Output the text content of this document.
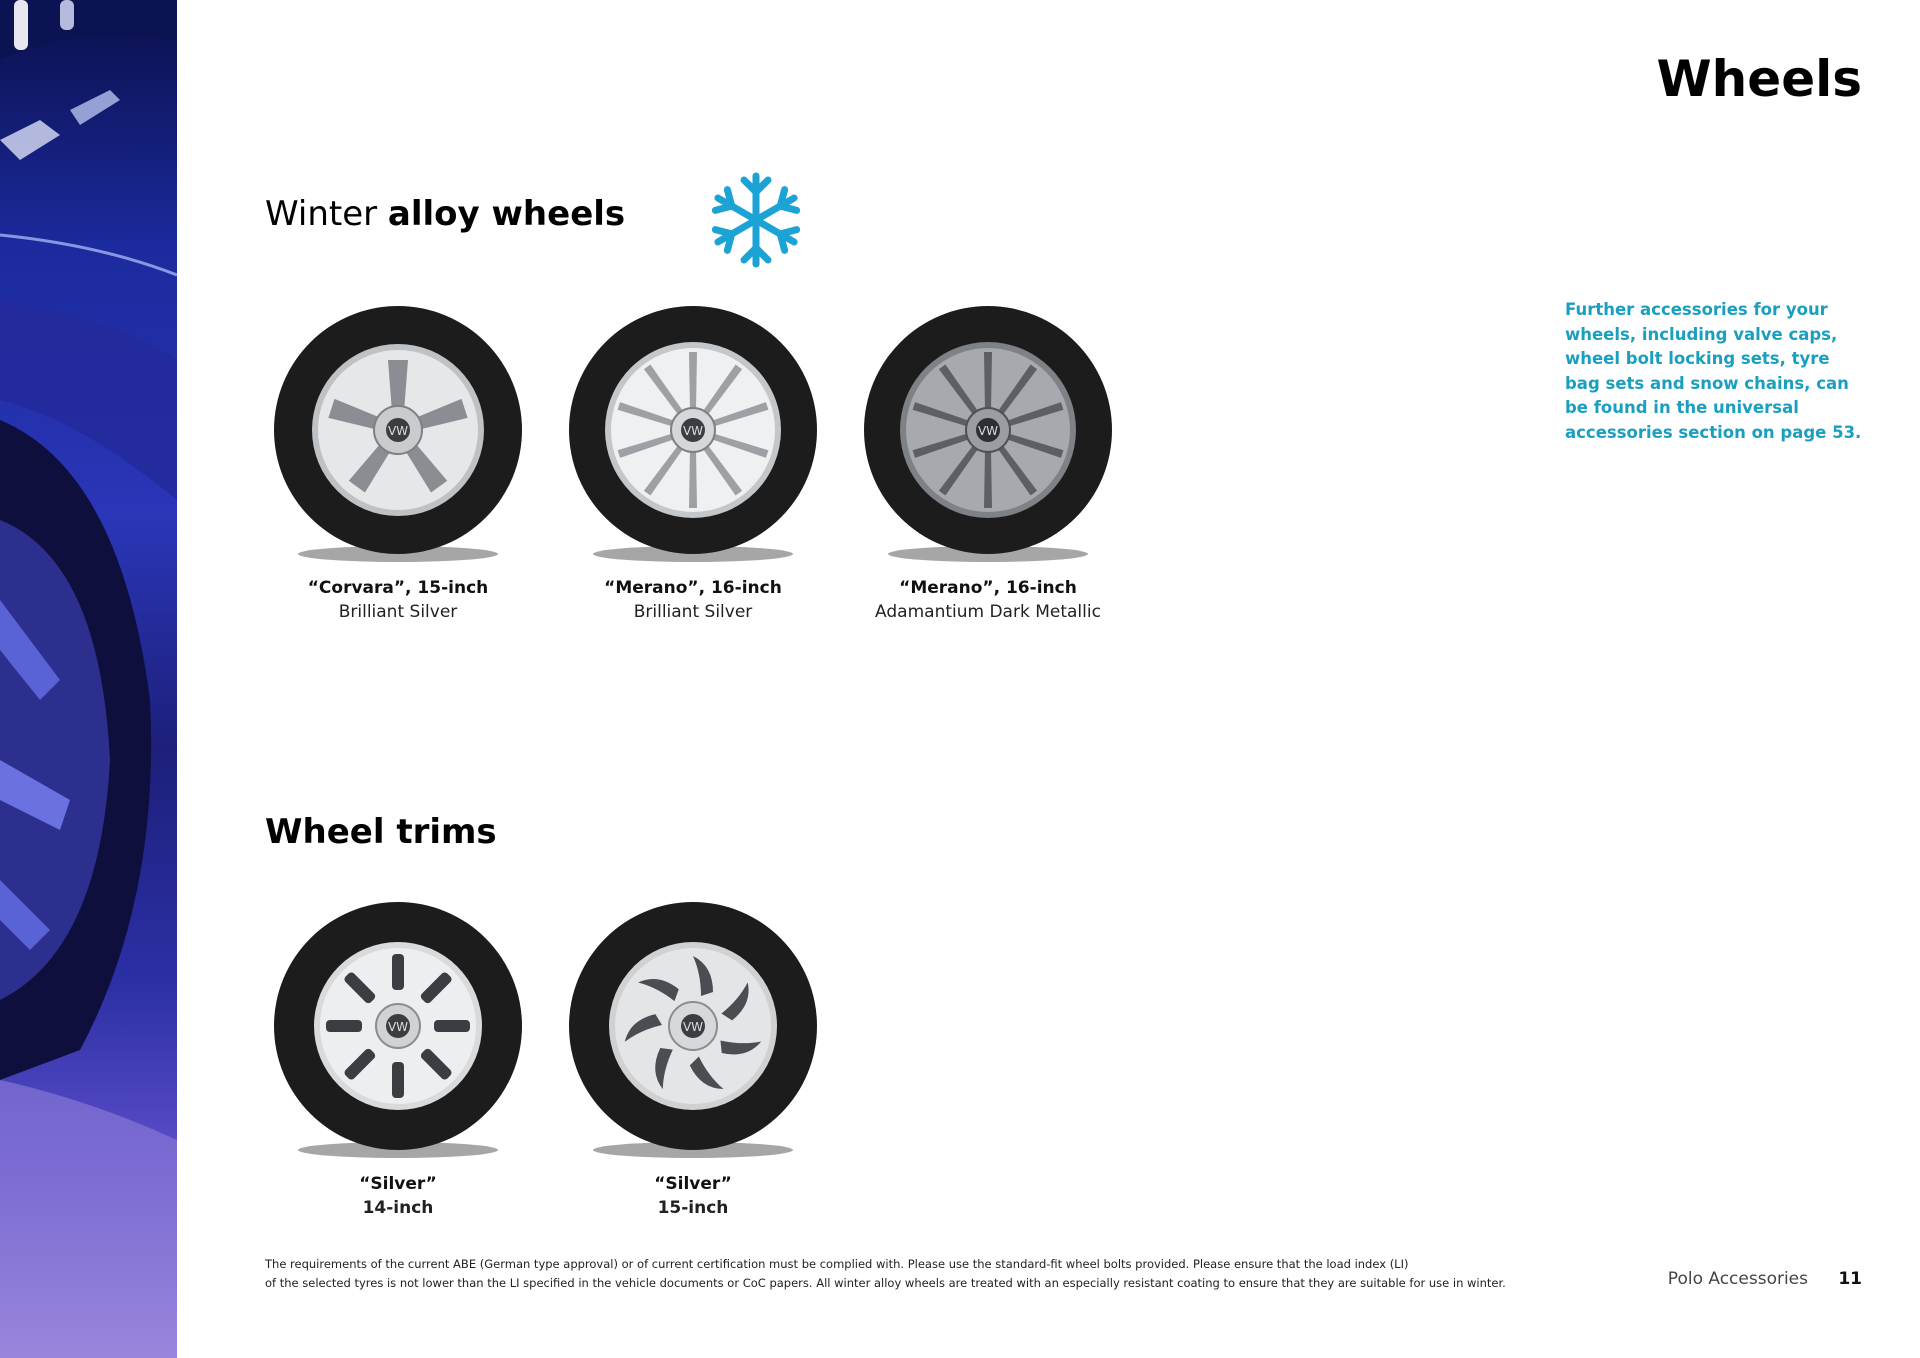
Wheels
Winter alloy wheels

Further accessories for your wheels, including valve caps, wheel bolt locking sets, tyre bag sets and snow chains, can be found in the universal accessories section on page 53.

VW
“Corvara”, 15-inch
Brilliant Silver
VW
“Merano”, 16-inch
Brilliant Silver
VW
“Merano”, 16-inch
Adamantium Dark Metallic
Wheel trims
VW
“Silver”
14-inch
VW
“Silver”
15-inch

The requirements of the current ABE (German type approval) or of current certification must be complied with. Please use the standard-fit wheel bolts provided. Please ensure that the load index (LI)
of the selected tyres is not lower than the LI specified in the vehicle documents or CoC papers. All winter alloy wheels are treated with an especially resistant coating to ensure that they are suitable for use in winter.	Polo Accessories 11
